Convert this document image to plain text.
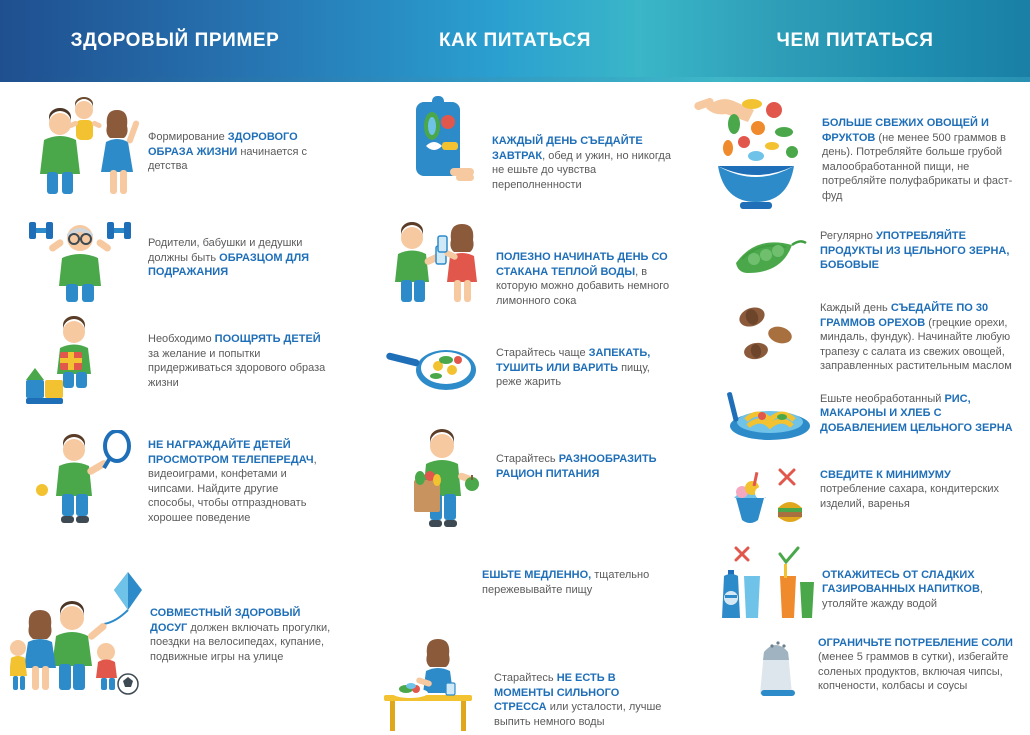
ЗДОРОВЫЙ ПРИМЕР	КАК ПИТАТЬСЯ	ЧЕМ ПИТАТЬСЯ
Формирование ЗДОРОВОГО ОБРАЗА ЖИЗНИ начинается с детства
Родители, бабушки и дедушки должны быть ОБРАЗЦОМ ДЛЯ ПОДРАЖАНИЯ
Необходимо ПООЩРЯТЬ ДЕТЕЙ за желание и попытки придерживаться здорового образа жизни
НЕ НАГРАЖДАЙТЕ ДЕТЕЙ ПРОСМОТРОМ ТЕЛЕПЕРЕДАЧ, видеоиграми, конфетами и чипсами. Найдите другие способы, чтобы отпраздновать хорошее поведение
СОВМЕСТНЫЙ ЗДОРОВЫЙ ДОСУГ должен включать прогулки, поездки на велосипедах, купание, подвижные игры на улице
КАЖДЫЙ ДЕНЬ СЪЕДАЙТЕ ЗАВТРАК, обед и ужин, но никогда не ешьте до чувства переполненности
ПОЛЕЗНО НАЧИНАТЬ ДЕНЬ СО СТАКАНА ТЕПЛОЙ ВОДЫ, в которую можно добавить немного лимонного сока
Старайтесь чаще ЗАПЕКАТЬ, ТУШИТЬ ИЛИ ВАРИТЬ пищу, реже жарить
Старайтесь РАЗНООБРАЗИТЬ РАЦИОН ПИТАНИЯ
ЕШЬТЕ МЕДЛЕННО, тщательно пережевывайте пищу
Старайтесь НЕ ЕСТЬ В МОМЕНТЫ СИЛЬНОГО СТРЕССА или усталости, лучше выпить немного воды
БОЛЬШЕ СВЕЖИХ ОВОЩЕЙ И ФРУКТОВ (не менее 500 граммов в день). Потребляйте больше грубой малообработанной пищи, не потребляйте полуфабрикаты и фаст-фуд
Регулярно УПОТРЕБЛЯЙТЕ ПРОДУКТЫ ИЗ ЦЕЛЬНОГО ЗЕРНА, БОБОВЫЕ
Каждый день СЪЕДАЙТЕ ПО 30 ГРАММОВ ОРЕХОВ (грецкие орехи, миндаль, фундук). Начинайте любую трапезу с салата из свежих овощей, заправленных растительным маслом
Ешьте необработанный РИС, МАКАРОНЫ И ХЛЕБ С ДОБАВЛЕНИЕМ ЦЕЛЬНОГО ЗЕРНА
СВЕДИТЕ К МИНИМУМУ потребление сахара, кондитерских изделий, варенья
ОТКАЖИТЕСЬ ОТ СЛАДКИХ ГАЗИРОВАННЫХ НАПИТКОВ, утоляйте жажду водой
ОГРАНИЧЬТЕ ПОТРЕБЛЕНИЕ СОЛИ (менее 5 граммов в сутки), избегайте соленых продуктов, включая чипсы, копчености, колбасы и соусы
